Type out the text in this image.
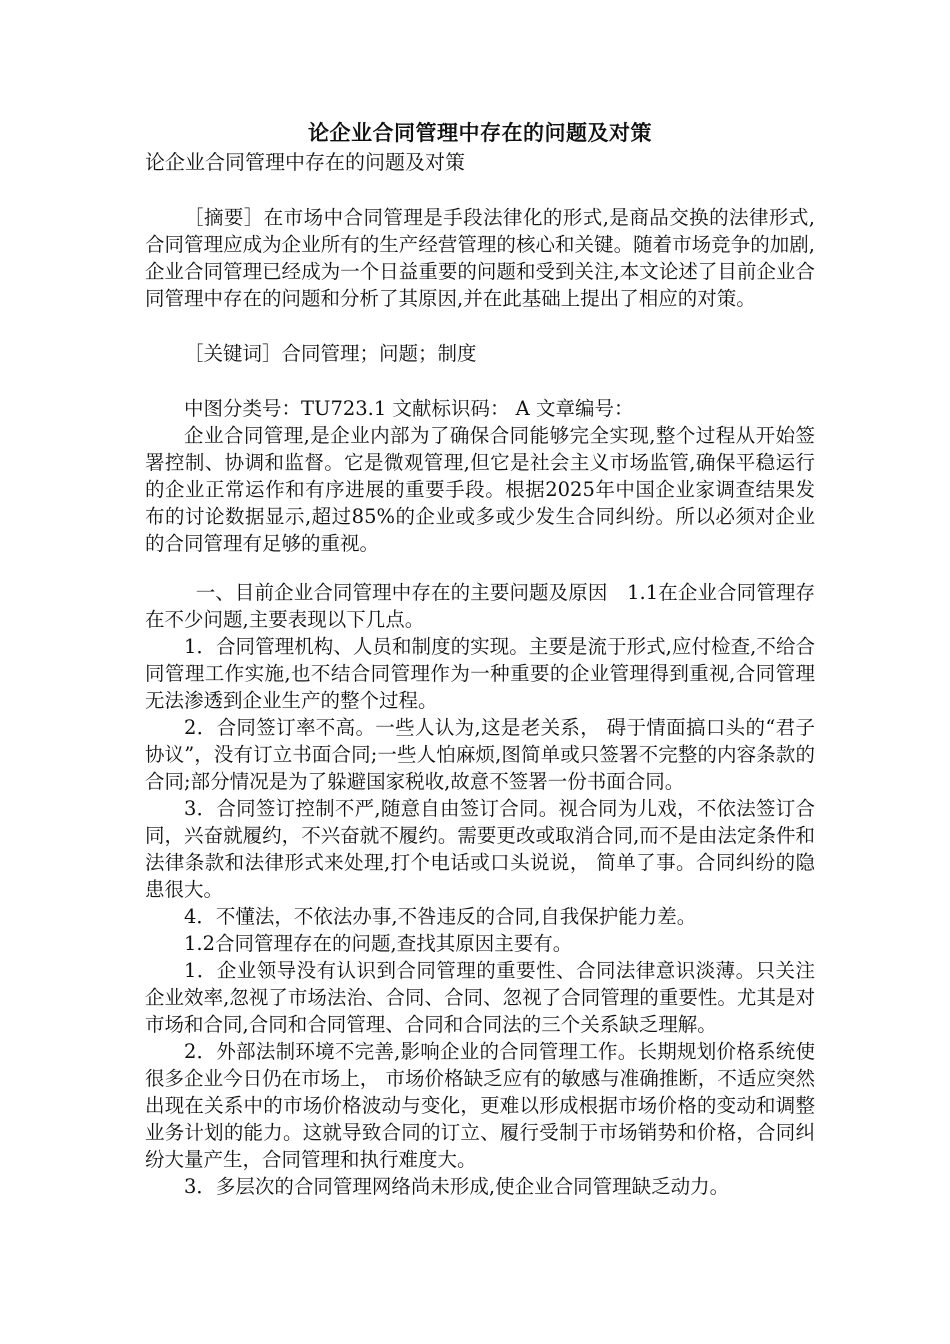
论企业合同管理中存在的问题及对策
论企业合同管理中存在的问题及对策

［摘要］在市场中合同管理是手段法律化的形式,是商品交换的法律形式,合同管理应成为企业所有的生产经营管理的核心和关键。随着市场竞争的加剧,企业合同管理已经成为一个日益重要的问题和受到关注,本文论述了目前企业合同管理中存在的问题和分析了其原因,并在此基础上提出了相应的对策。

［关键词］合同管理；问题；制度

中图分类号：TU723.1 文献标识码： A 文章编号：

企业合同管理,是企业内部为了确保合同能够完全实现,整个过程从开始签署控制、协调和监督。它是微观管理,但它是社会主义市场监管,确保平稳运行的企业正常运作和有序进展的重要手段。根据2025年中国企业家调查结果发布的讨论数据显示,超过85%的企业或多或少发生合同纠纷。所以必须对企业的合同管理有足够的重视。

一、目前企业合同管理中存在的主要问题及原因　1.1在企业合同管理存在不少问题,主要表现以下几点。

1．合同管理机构、人员和制度的实现。主要是流于形式,应付检查,不给合同管理工作实施,也不结合同管理作为一种重要的企业管理得到重视,合同管理无法渗透到企业生产的整个过程。

2．合同签订率不高。一些人认为,这是老关系， 碍于情面搞口头的“君子协议”，没有订立书面合同;一些人怕麻烦,图简单或只签署不完整的内容条款的合同;部分情况是为了躲避国家税收,故意不签署一份书面合同。

3．合同签订控制不严,随意自由签订合同。视合同为儿戏，不依法签订合同，兴奋就履约，不兴奋就不履约。需要更改或取消合同,而不是由法定条件和法律条款和法律形式来处理,打个电话或口头说说， 简单了事。合同纠纷的隐患很大。

4．不懂法，不依法办事,不咎违反的合同,自我保护能力差。

1.2合同管理存在的问题,查找其原因主要有。

1．企业领导没有认识到合同管理的重要性、合同法律意识淡薄。只关注企业效率,忽视了市场法治、合同、合同、忽视了合同管理的重要性。尤其是对市场和合同,合同和合同管理、合同和合同法的三个关系缺乏理解。

2．外部法制环境不完善,影响企业的合同管理工作。长期规划价格系统使很多企业今日仍在市场上， 市场价格缺乏应有的敏感与准确推断，不适应突然出现在关系中的市场价格波动与变化，更难以形成根据市场价格的变动和调整业务计划的能力。这就导致合同的订立、履行受制于市场销势和价格，合同纠纷大量产生，合同管理和执行难度大。

3．多层次的合同管理网络尚未形成,使企业合同管理缺乏动力。
